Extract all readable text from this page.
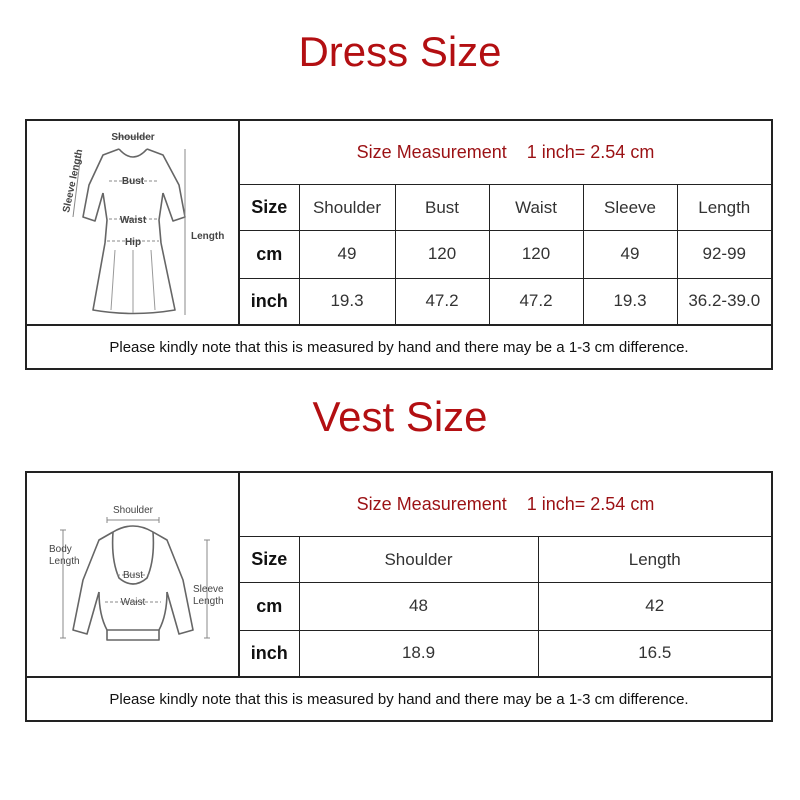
Dress Size
Shoulder
Bust
Waist
Hip
Length
Sleeve length	Size Measurement    1 inch= 2.54 cm
Size	Shoulder	Bust	Waist	Sleeve	Length
cm	49	120	120	49	92-99
inch	19.3	47.2	47.2	19.3	36.2-39.0
Please kindly note that this is measured by hand and there may be a 1-3 cm difference.
Vest Size
Shoulder
Body
Length
Bust
Waist
Sleeve
Length
Size Measurement    1 inch= 2.54 cm
Size	Shoulder	Length
cm	48	42
inch	18.9	16.5
Please kindly note that this is measured by hand and there may be a 1-3 cm difference.
